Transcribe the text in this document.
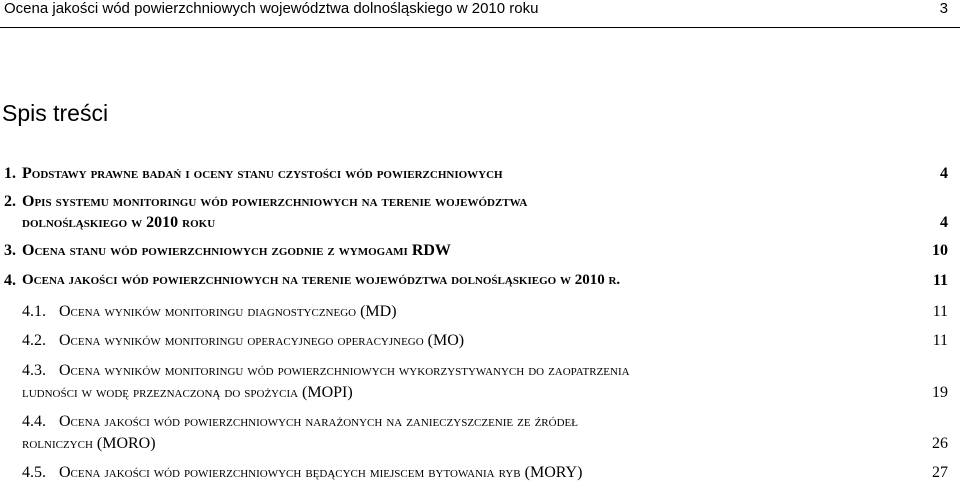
Ocena jakości wód powierzchniowych województwa dolnośląskiego w 2010 roku	3
Spis treści
1. Podstawy prawne badań i oceny stanu czystości wód powierzchniowych	4
2. Opis systemu monitoringu wód powierzchniowych na terenie województwa
dolnośląskiego w 2010 roku	4
3. Ocena stanu wód powierzchniowych zgodnie z wymogami RDW	10
4. Ocena jakości wód powierzchniowych na terenie województwa dolnośląskiego w 2010 r.	11
4.1. Ocena wyników monitoringu diagnostycznego (MD)	11
4.2. Ocena wyników monitoringu operacyjnego operacyjnego (MO)	11
4.3. Ocena wyników monitoringu wód powierzchniowych wykorzystywanych do zaopatrzenia
ludności w wodę przeznaczoną do spożycia (MOPI)	19
4.4. Ocena jakości wód powierzchniowych narażonych na zanieczyszczenie ze źródeł
rolniczych (MORO)	26
4.5. Ocena jakości wód powierzchniowych będących miejscem bytowania ryb (MORY)	27
